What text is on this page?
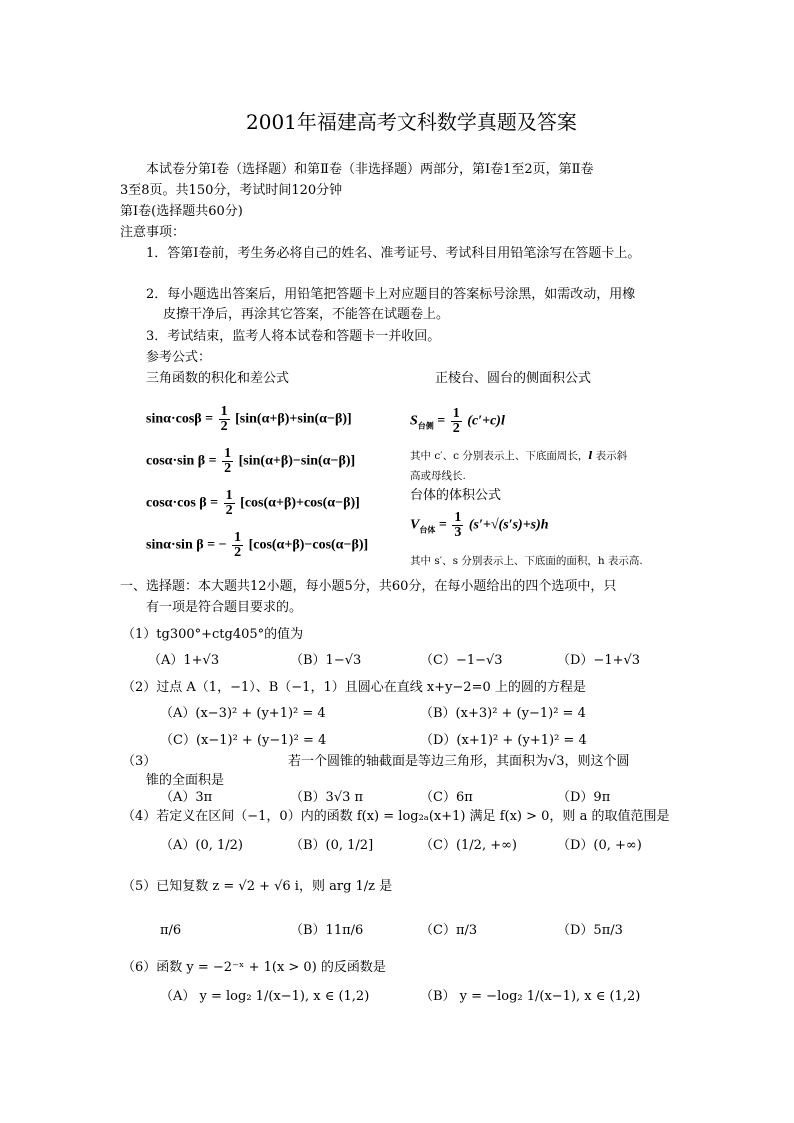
2001年福建高考文科数学真题及答案
本试卷分第Ⅰ卷（选择题）和第Ⅱ卷（非选择题）两部分，第Ⅰ卷1至2页，第Ⅱ卷
3至8页。共150分，考试时间120分钟
第Ⅰ卷(选择题共60分)
注意事项：
1．答第Ⅰ卷前，考生务必将自己的姓名、准考证号、考试科目用铅笔涂写在答题卡上。
2．每小题选出答案后，用铅笔把答题卡上对应题目的答案标号涂黑，如需改动，用橡
皮擦干净后，再涂其它答案，不能答在试题卷上。
3．考试结束，监考人将本试卷和答题卡一并收回。
参考公式：
三角函数的积化和差公式	正棱台、圆台的侧面积公式
$\sin\alpha\cdot\cos\beta = \frac{1}{2} [\sin(\alpha+\beta)+\sin(\alpha-\beta)]$
cosα·sin $\beta = \frac{1}{2} [\sin(\alpha+\beta)-\sin(\alpha-\beta)]$
cosα·cos $\beta = \frac{1}{2} [\cos(\alpha+\beta)+\cos(\alpha-\beta)]$
sinα·sin β = − $\frac{1}{2} [\cos(\alpha+\beta)-\cos(\alpha-\beta)]$
$S_{台侧} = \frac{1}{2} (c'+c)l$
其中 c′、c 分别表示上、下底面周长，l 表示斜
高或母线长.
台体的体积公式
$V_{台体} = \frac{1}{3} (s'+√(s's)+s)h$
其中 s′、s 分别表示上、下底面的面积，h 表示高.
一、选择题：本大题共12小题，每小题5分，共60分，在每小题给出的四个选项中，只
有一项是符合题目要求的。
（1）tg300°+ctg405°的值为
（A）1+√3	（B）1−√3	（C）−1−√3	（D）−1+√3
（2）过点 A（1，−1）、B（−1，1）且圆心在直线 x+y−2=0 上的圆的方程是
（A）(x−3)² + (y+1)² = 4	（B）(x+3)² + (y−1)² = 4
（C）(x−1)² + (y−1)² = 4	（D）(x+1)² + (y+1)² = 4
（3）	若一个圆锥的轴截面是等边三角形，其面积为√3，则这个圆
锥的全面积是
（A）3π	（B）3√3 π	（C）6π	（D）9π
（4）若定义在区间（−1，0）内的函数 f(x) = log₂ₐ(x+1) 满足 f(x) > 0，则 a 的取值范围是
（A）(0, 1/2)	（B）(0, 1/2]	（C）(1/2, +∞)	（D）(0, +∞)
（5）已知复数 z = √2 + √6 i，则 arg 1/z 是
π/6	（B）11π/6	（C）π/3	（D）5π/3
（6）函数 y = −2⁻ˣ + 1(x > 0) 的反函数是
（A） y = log₂ 1/(x−1), x ∈ (1,2)	（B） y = −log₂ 1/(x−1), x ∈ (1,2)
